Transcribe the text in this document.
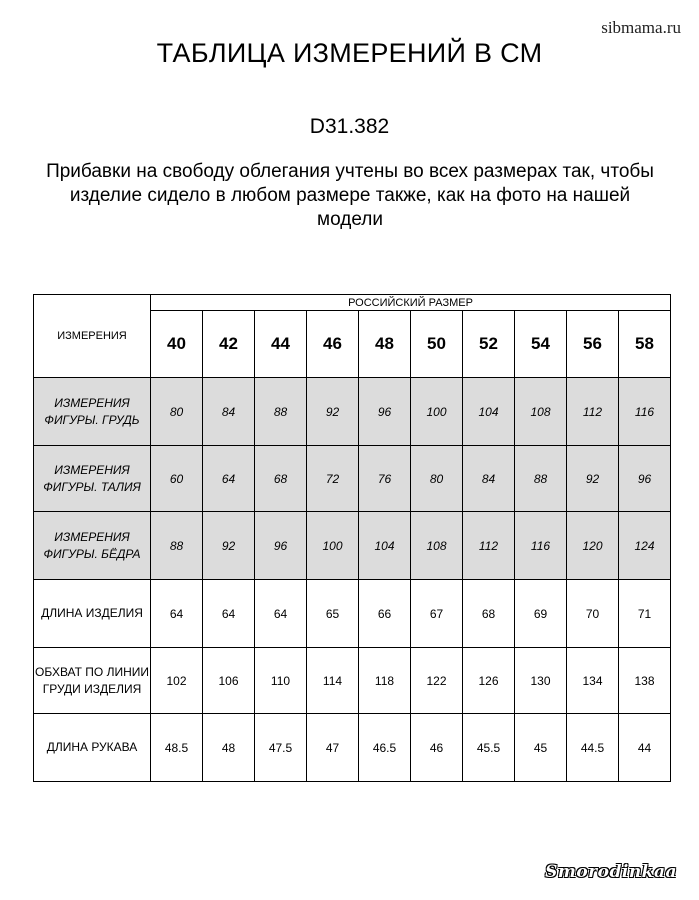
sibmama.ru
ТАБЛИЦА ИЗМЕРЕНИЙ В СМ
D31.382
Прибавки на свободу облегания учтены во всех размерах так, чтобы изделие сидело в любом размере также, как на фото на нашей модели
ИЗМЕРЕНИЯ	РОССИЙСКИЙ РАЗМЕР									
	40	42	44	46	48	50	52	54	56	58
ИЗМЕРЕНИЯ ФИГУРЫ. ГРУДЬ	80	84	88	92	96	100	104	108	112	116
ИЗМЕРЕНИЯ ФИГУРЫ. ТАЛИЯ	60	64	68	72	76	80	84	88	92	96
ИЗМЕРЕНИЯ ФИГУРЫ. БЁДРА	88	92	96	100	104	108	112	116	120	124
ДЛИНА ИЗДЕЛИЯ	64	64	64	65	66	67	68	69	70	71
ОБХВАТ ПО ЛИНИИ ГРУДИ ИЗДЕЛИЯ	102	106	110	114	118	122	126	130	134	138
ДЛИНА РУКАВА	48.5	48	47.5	47	46.5	46	45.5	45	44.5	44
Smorodinkaa
